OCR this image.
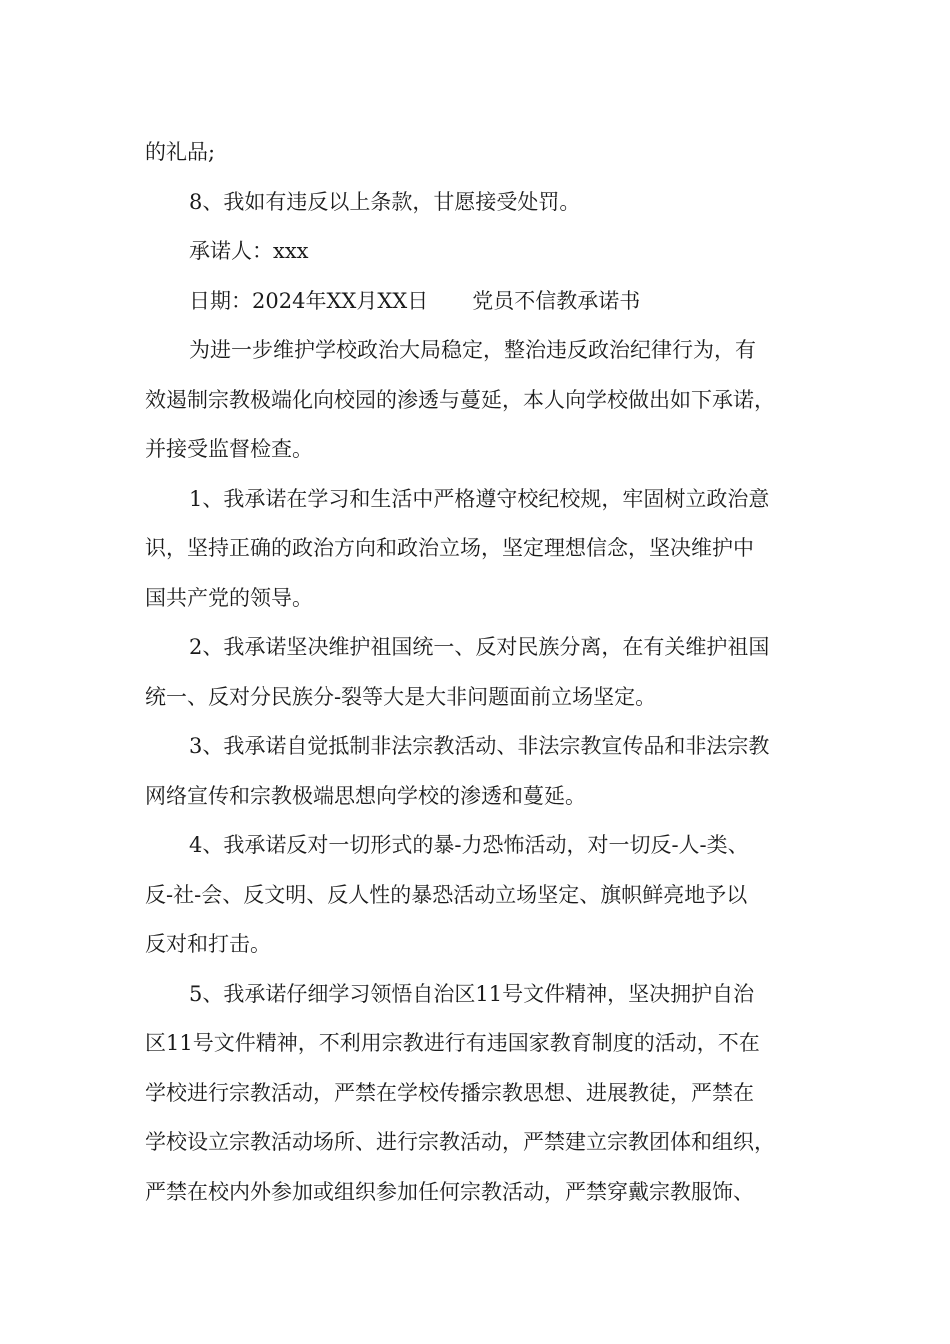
的礼品;
8、我如有违反以上条款，甘愿接受处罚。
承诺人：xxx
日期：2024年XX月XX日 党员不信教承诺书
为进一步维护学校政治大局稳定，整治违反政治纪律行为，有
效遏制宗教极端化向校园的渗透与蔓延，本人向学校做出如下承诺，
并接受监督检查。
1、我承诺在学习和生活中严格遵守校纪校规，牢固树立政治意
识，坚持正确的政治方向和政治立场，坚定理想信念，坚决维护中
国共产党的领导。
2、我承诺坚决维护祖国统一、反对民族分离，在有关维护祖国
统一、反对分民族分-裂等大是大非问题面前立场坚定。
3、我承诺自觉抵制非法宗教活动、非法宗教宣传品和非法宗教
网络宣传和宗教极端思想向学校的渗透和蔓延。
4、我承诺反对一切形式的暴-力恐怖活动，对一切反-人-类、
反-社-会、反文明、反人性的暴恐活动立场坚定、旗帜鲜亮地予以
反对和打击。
5、我承诺仔细学习领悟自治区11号文件精神，坚决拥护自治
区11号文件精神，不利用宗教进行有违国家教育制度的活动，不在
学校进行宗教活动，严禁在学校传播宗教思想、进展教徒，严禁在
学校设立宗教活动场所、进行宗教活动，严禁建立宗教团体和组织，
严禁在校内外参加或组织参加任何宗教活动，严禁穿戴宗教服饰、
